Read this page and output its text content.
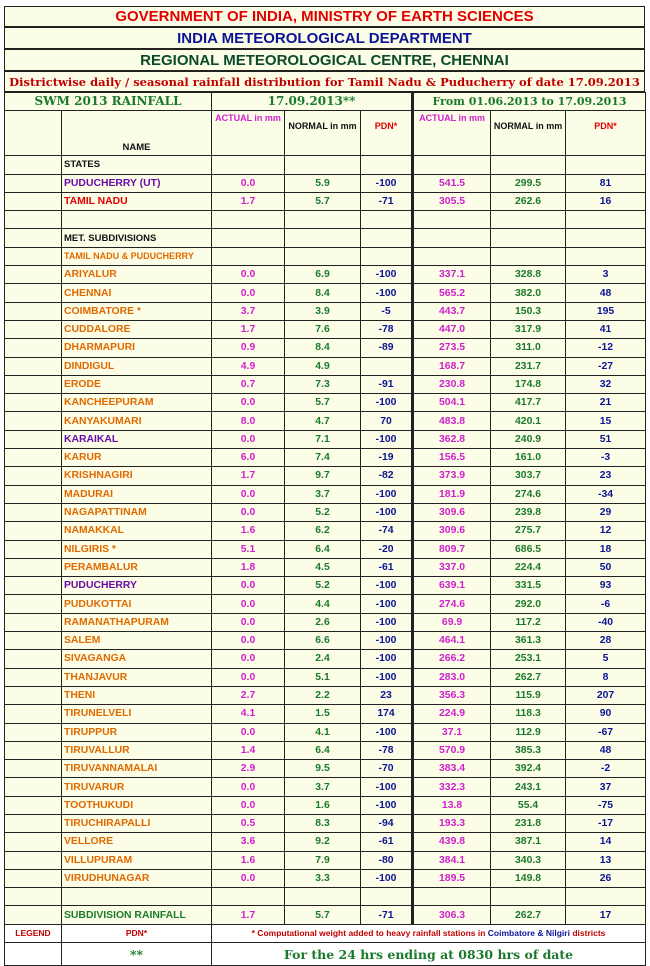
GOVERNMENT OF INDIA, MINISTRY OF EARTH SCIENCES
INDIA METEOROLOGICAL DEPARTMENT
REGIONAL METEOROLOGICAL CENTRE, CHENNAI
Districtwise daily / seasonal rainfall distribution for Tamil Nadu & Puducherry of date 17.09.2013
SWM 2013 RAINFALL		17.09.2013**			From 01.06.2013 to 17.09.2013		
	NAME	ACTUAL in mm	NORMAL in mm	PDN*	ACTUAL in mm	NORMAL in mm	PDN*
	STATES						
	PUDUCHERRY (UT)	0.0	5.9	-100	541.5	299.5	81
	TAMIL NADU	1.7	5.7	-71	305.5	262.6	16

	MET. SUBDIVISIONS						
	TAMIL NADU & PUDUCHERRY						
	ARIYALUR	0.0	6.9	-100	337.1	328.8	3
	CHENNAI	0.0	8.4	-100	565.2	382.0	48
	COIMBATORE *	3.7	3.9	-5	443.7	150.3	195
	CUDDALORE	1.7	7.6	-78	447.0	317.9	41
	DHARMAPURI	0.9	8.4	-89	273.5	311.0	-12
	DINDIGUL	4.9	4.9		168.7	231.7	-27
	ERODE	0.7	7.3	-91	230.8	174.8	32
	KANCHEEPURAM	0.0	5.7	-100	504.1	417.7	21
	KANYAKUMARI	8.0	4.7	70	483.8	420.1	15
	KARAIKAL	0.0	7.1	-100	362.8	240.9	51
	KARUR	6.0	7.4	-19	156.5	161.0	-3
	KRISHNAGIRI	1.7	9.7	-82	373.9	303.7	23
	MADURAI	0.0	3.7	-100	181.9	274.6	-34
	NAGAPATTINAM	0.0	5.2	-100	309.6	239.8	29
	NAMAKKAL	1.6	6.2	-74	309.6	275.7	12
	NILGIRIS *	5.1	6.4	-20	809.7	686.5	18
	PERAMBALUR	1.8	4.5	-61	337.0	224.4	50
	PUDUCHERRY	0.0	5.2	-100	639.1	331.5	93
	PUDUKOTTAI	0.0	4.4	-100	274.6	292.0	-6
	RAMANATHAPURAM	0.0	2.6	-100	69.9	117.2	-40
	SALEM	0.0	6.6	-100	464.1	361.3	28
	SIVAGANGA	0.0	2.4	-100	266.2	253.1	5
	THANJAVUR	0.0	5.1	-100	283.0	262.7	8
	THENI	2.7	2.2	23	356.3	115.9	207
	TIRUNELVELI	4.1	1.5	174	224.9	118.3	90
	TIRUPPUR	0.0	4.1	-100	37.1	112.9	-67
	TIRUVALLUR	1.4	6.4	-78	570.9	385.3	48
	TIRUVANNAMALAI	2.9	9.5	-70	383.4	392.4	-2
	TIRUVARUR	0.0	3.7	-100	332.3	243.1	37
	TOOTHUKUDI	0.0	1.6	-100	13.8	55.4	-75
	TIRUCHIRAPALLI	0.5	8.3	-94	193.3	231.8	-17
	VELLORE	3.6	9.2	-61	439.8	387.1	14
	VILLUPURAM	1.6	7.9	-80	384.1	340.3	13
	VIRUDHUNAGAR	0.0	3.3	-100	189.5	149.8	26

	SUBDIVISION RAINFALL	1.7	5.7	-71	306.3	262.7	17
LEGEND	PDN*	* Computational weight added to heavy rainfall stations in Coimbatore & Nilgiri districts					
	**	For the 24 hrs ending at 0830 hrs of date					
